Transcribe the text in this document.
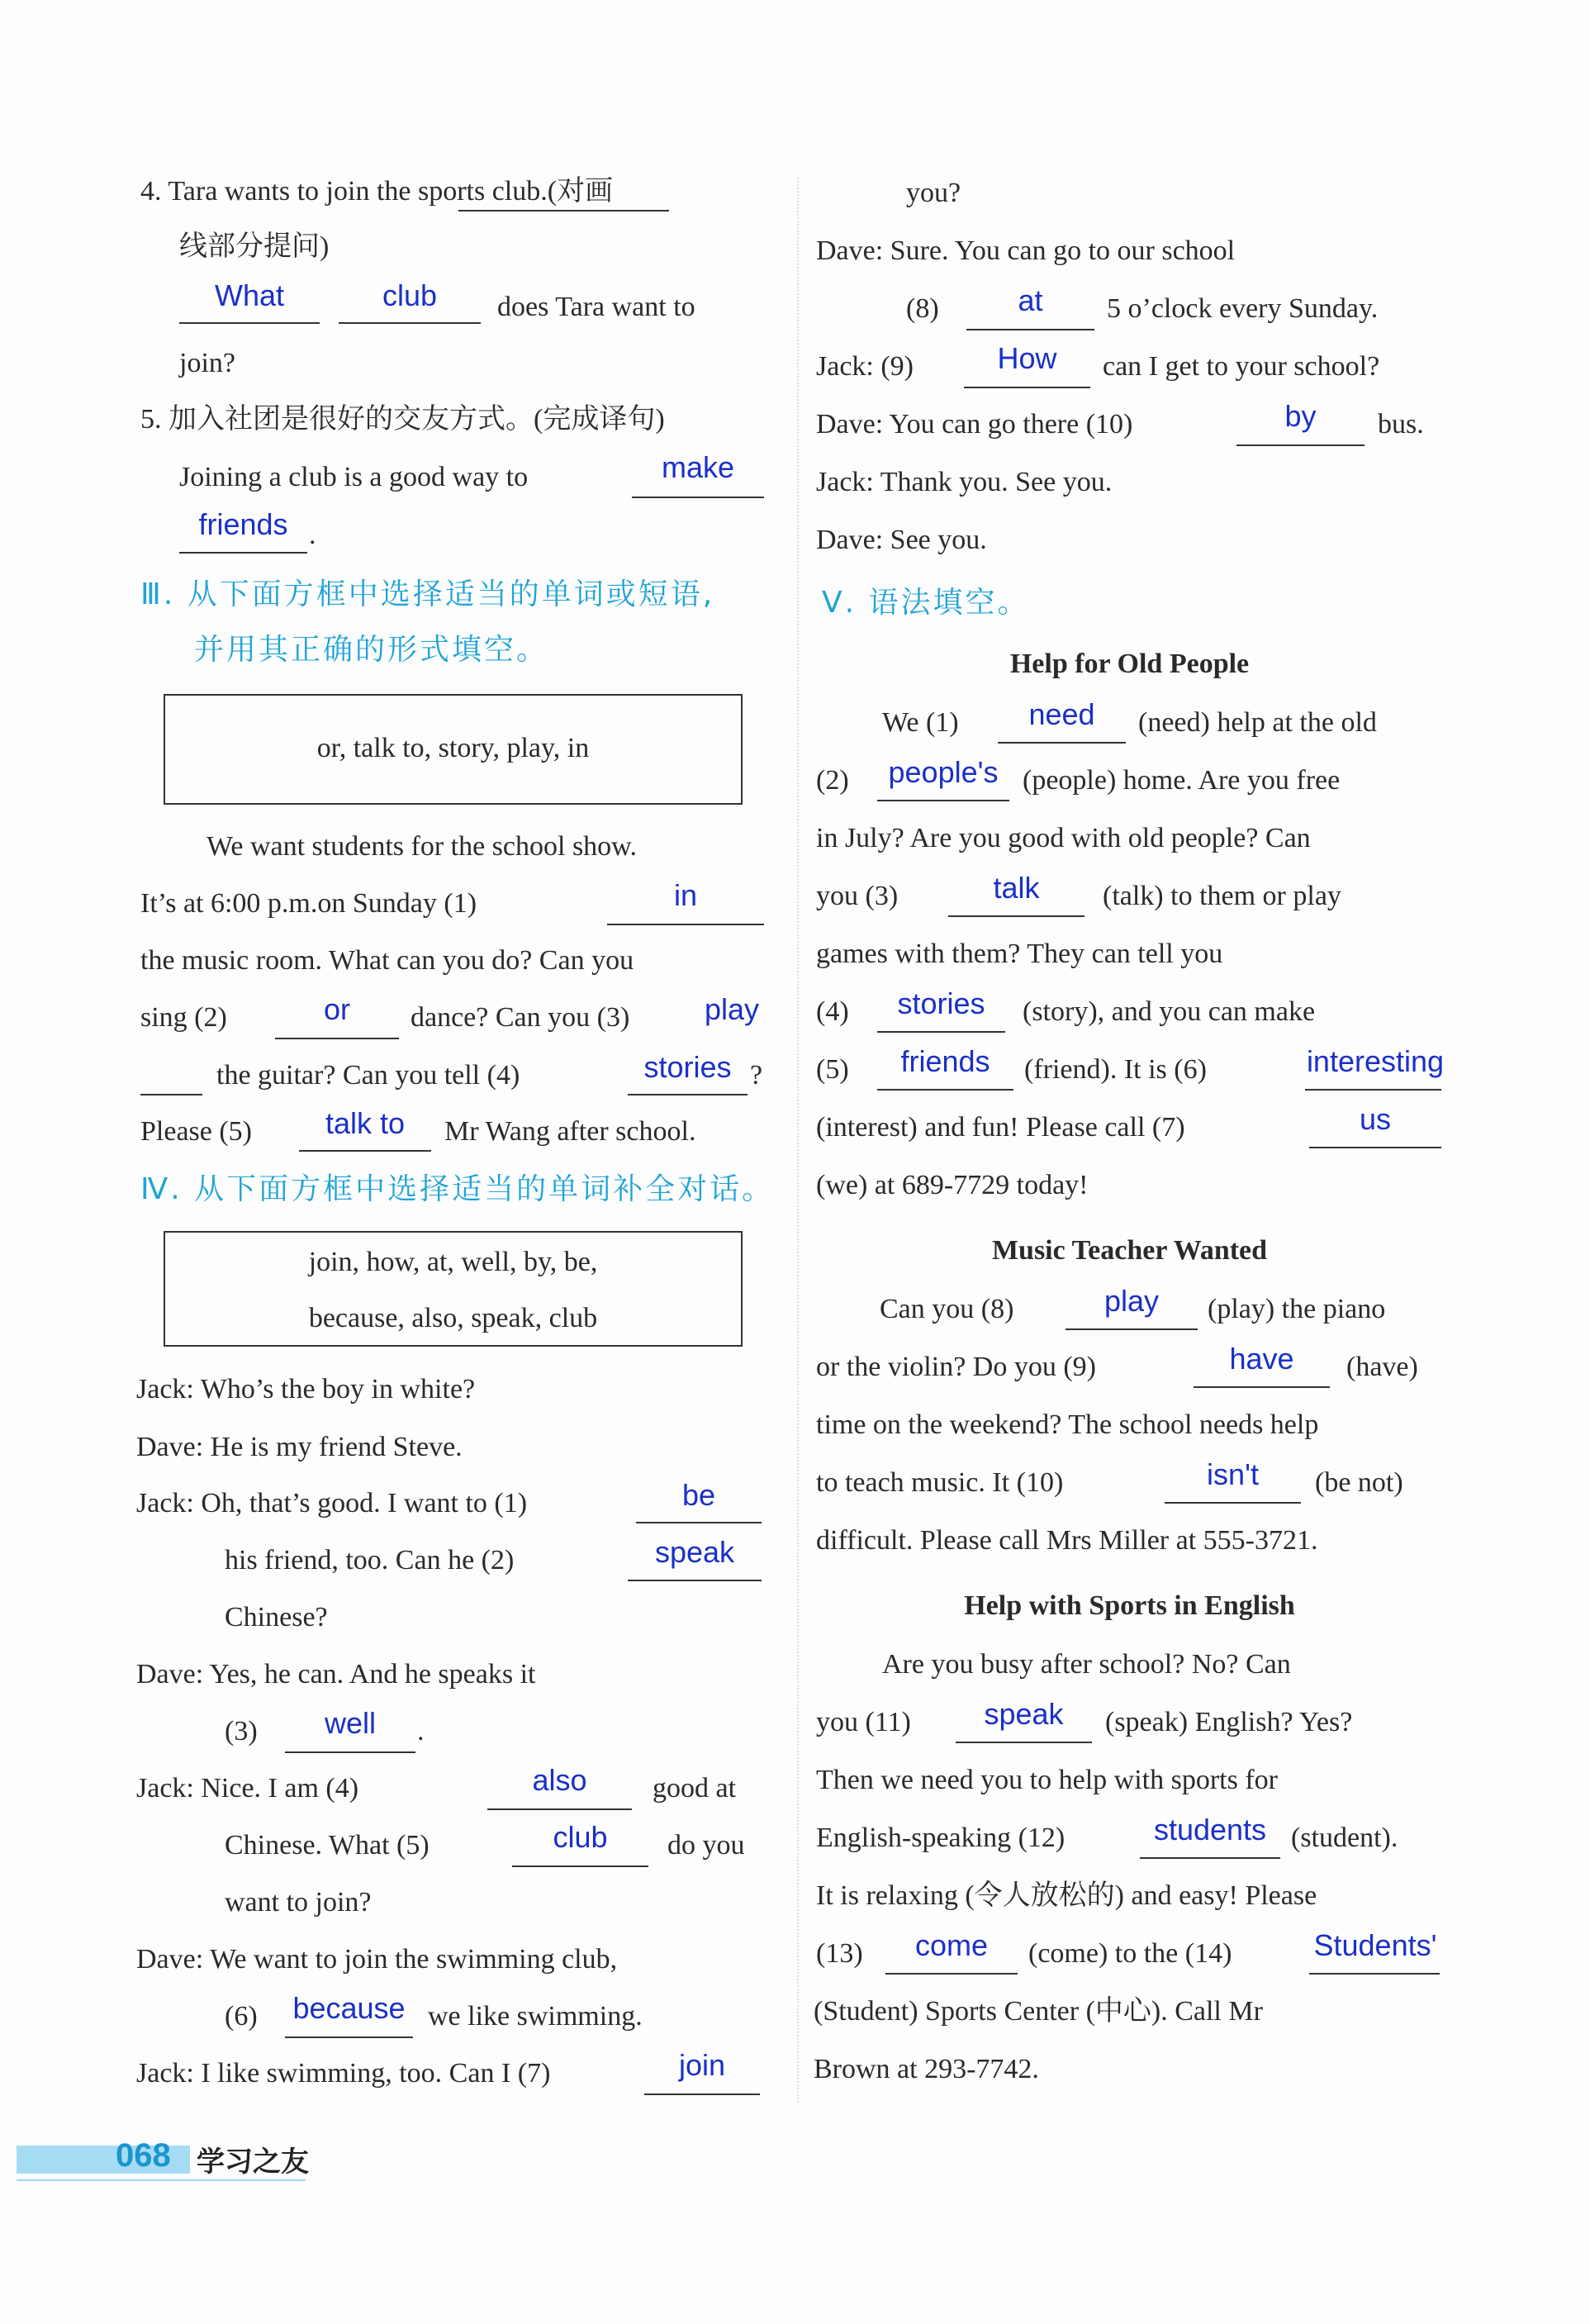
4. Tara wants to join the sports club.(对画
线部分提问)
What	club	does Tara want to
join?
5. 加入社团是很好的交友方式。(完成译句)
Joining a club is a good way to	make
friends .
Ⅲ. 从下面方框中选择适当的单词或短语,
并用其正确的形式填空。
or, talk to, story, play, in
We want students for the school show.
It’s at 6:00 p.m.on Sunday (1)	in
the music room. What can you do? Can you
sing (2)	or	dance? Can you (3)	play
the guitar? Can you tell (4)	stories ?
Please (5)	talk to	Mr Wang after school.
Ⅳ. 从下面方框中选择适当的单词补全对话。
join, how, at, well, by, be,
because, also, speak, club
Jack: Who’s the boy in white?
Dave: He is my friend Steve.
Jack: Oh, that’s good. I want to (1)	be
his friend, too. Can he (2)	speak
Chinese?
Dave: Yes, he can. And he speaks it
(3)	well	.
Jack: Nice. I am (4)	also	good at
Chinese. What (5)	club	do you
want to join?
Dave: We want to join the swimming club,
(6) because we like swimming.
Jack: I like swimming, too. Can I (7)	join
you?
Dave: Sure. You can go to our school
(8)	at	5 o’clock every Sunday.
Jack: (9)	How	can I get to your school?
Dave: You can go there (10)	by	bus.
Jack: Thank you. See you.
Dave: See you.
Ⅴ. 语法填空。
Help for Old People
We (1)	need	(need) help at the old
(2)	people's (people) home. Are you free
in July? Are you good with old people? Can
you (3)	talk	(talk) to them or play
games with them? They can tell you
(4)	stories	(story), and you can make
(5)	friends	(friend). It is (6)	interesting
(interest) and fun! Please call (7)	us
(we) at 689-7729 today!
Music Teacher Wanted
Can you (8)	play	(play) the piano
or the violin? Do you (9)	have	(have)
time on the weekend? The school needs help
to teach music. It (10)	isn't	(be not)
difficult. Please call Mrs Miller at 555-3721.
Help with Sports in English
Are you busy after school? No? Can
you (11)	speak	(speak) English? Yes?
Then we need you to help with sports for
English-speaking (12)	students (student).
It is relaxing (令人放松的) and easy! Please
(13)	come	(come) to the (14)	Students'
(Student) Sports Center (中心). Call Mr
Brown at 293-7742.
068 学习之友
